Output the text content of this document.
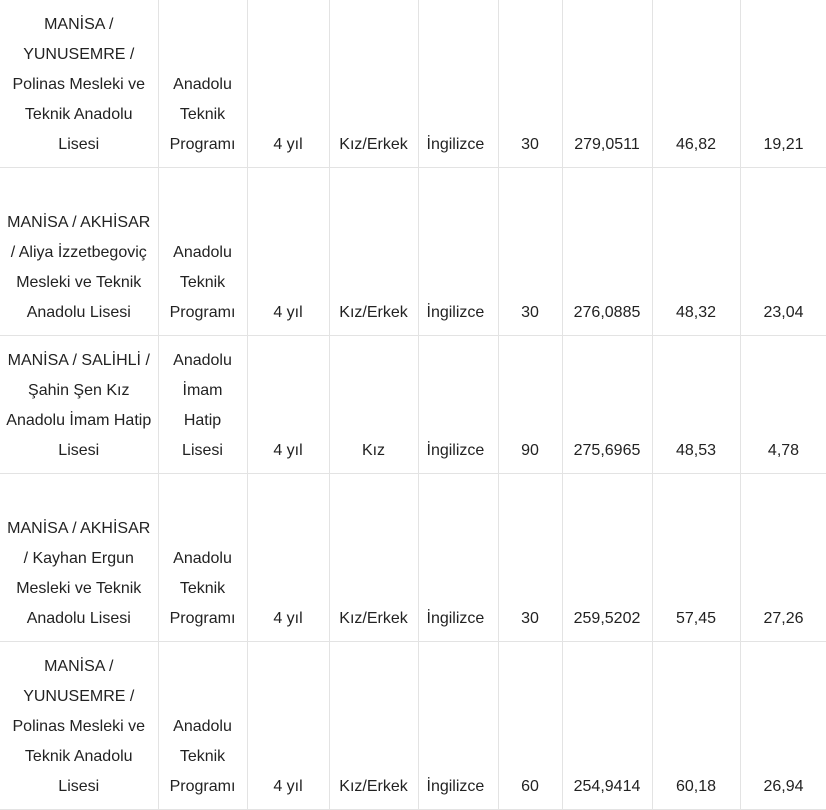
MANİSA / YUNUSEMRE / Polinas Mesleki ve Teknik Anadolu Lisesi	Anadolu Teknik Programı	4 yıl	Kız/Erkek	İngilizce	30	279,0511	46,82	19,21
MANİSA / AKHİSAR / Aliya İzzetbegoviç Mesleki ve Teknik Anadolu Lisesi	Anadolu Teknik Programı	4 yıl	Kız/Erkek	İngilizce	30	276,0885	48,32	23,04
MANİSA / SALİHLİ / Şahin Şen Kız Anadolu İmam Hatip Lisesi	Anadolu İmam Hatip Lisesi	4 yıl	Kız	İngilizce	90	275,6965	48,53	4,78
MANİSA / AKHİSAR / Kayhan Ergun Mesleki ve Teknik Anadolu Lisesi	Anadolu Teknik Programı	4 yıl	Kız/Erkek	İngilizce	30	259,5202	57,45	27,26
MANİSA / YUNUSEMRE / Polinas Mesleki ve Teknik Anadolu Lisesi	Anadolu Teknik Programı	4 yıl	Kız/Erkek	İngilizce	60	254,9414	60,18	26,94
